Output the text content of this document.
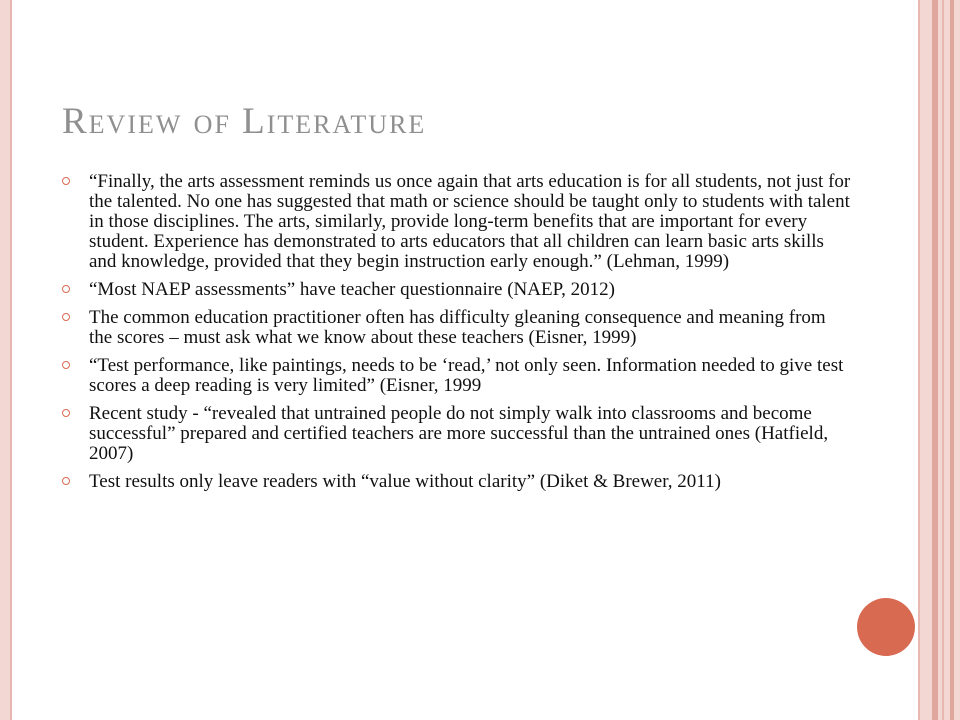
Review of Literature
“Finally, the arts assessment reminds us once again that arts education is for all students, not just for the talented. No one has suggested that math or science should be taught only to students with talent in those disciplines. The arts, similarly, provide long-term benefits that are important for every student. Experience has demonstrated to arts educators that all children can learn basic arts skills and knowledge, provided that they begin instruction early enough.” (Lehman, 1999)
“Most NAEP assessments” have teacher questionnaire (NAEP, 2012)
The common education practitioner often has difficulty gleaning consequence and meaning from the scores – must ask what we know about these teachers (Eisner, 1999)
“Test performance, like paintings, needs to be ‘read,’ not only seen. Information needed to give test scores a deep reading is very limited” (Eisner, 1999
Recent study - “revealed that untrained people do not simply walk into classrooms and become successful” prepared and certified teachers are more successful than the untrained ones (Hatfield, 2007)
Test results only leave readers with “value without clarity” (Diket & Brewer, 2011)
